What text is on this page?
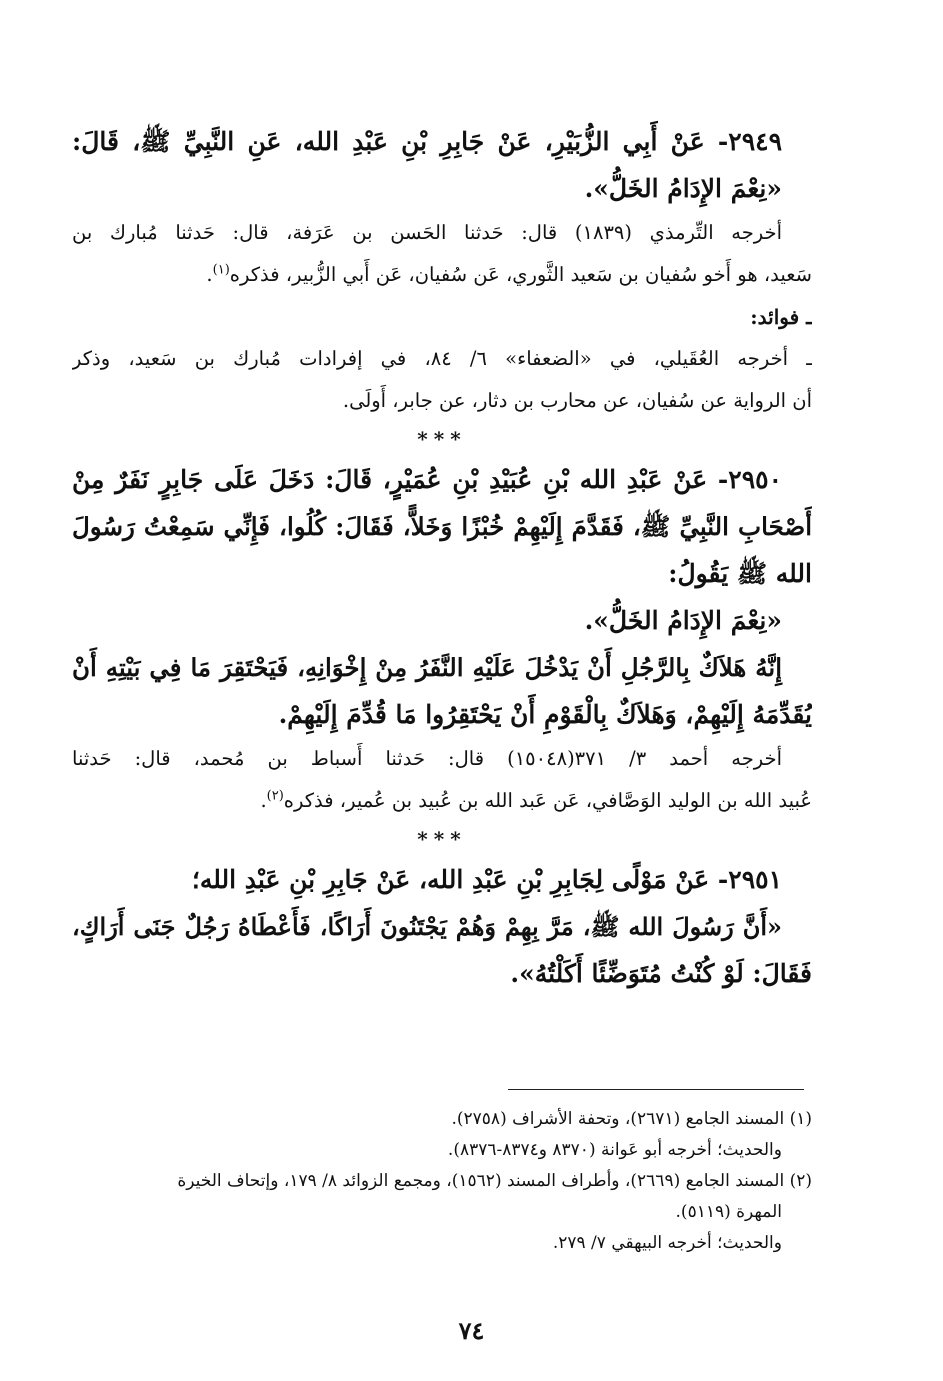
٢٩٤٩- عَنْ أَبِي الزُّبَيْرِ، عَنْ جَابِرِ بْنِ عَبْدِ الله، عَنِ النَّبِيِّ ﷺ، قَالَ:
«نِعْمَ الإِدَامُ الخَلُّ».
أخرجه التِّرمذي (١٨٣٩) قال: حَدثنا الحَسن بن عَرَفة، قال: حَدثنا مُبارك بن
سَعيد، هو أَخو سُفيان بن سَعيد الثَّوري، عَن سُفيان، عَن أَبي الزُّبير، فذكره$^{(١)}$.
ـ فوائد:
ـ أخرجه العُقَيلي، في «الضعفاء» ٦/ ٨٤، في إفرادات مُبارك بن سَعيد، وذكر
أن الرواية عن سُفيان، عن محارب بن دثار، عن جابر، أَولَى.
***
٢٩٥٠- عَنْ عَبْدِ الله بْنِ عُبَيْدِ بْنِ عُمَيْرٍ، قَالَ: دَخَلَ عَلَى جَابِرٍ نَفَرٌ مِنْ
أَصْحَابِ النَّبِيِّ ﷺ، فَقَدَّمَ إِلَيْهِمْ خُبْزًا وَخَلاًّ، فَقَالَ: كُلُوا، فَإِنِّي سَمِعْتُ رَسُولَ
الله ﷺ يَقُولُ:
«نِعْمَ الإِدَامُ الخَلُّ».
إِنَّهُ هَلاَكٌ بِالرَّجُلِ أَنْ يَدْخُلَ عَلَيْهِ النَّفَرُ مِنْ إِخْوَانِهِ، فَيَحْتَقِرَ مَا فِي بَيْتِهِ أَنْ
يُقَدِّمَهُ إِلَيْهِمْ، وَهَلاَكٌ بِالْقَوْمِ أَنْ يَحْتَقِرُوا مَا قُدِّمَ إِلَيْهِمْ.
أخرجه أحمد ٣/ ٣٧١(١٥٠٤٨) قال: حَدثنا أَسباط بن مُحمد، قال: حَدثنا
عُبيد الله بن الوليد الوَصَّافي، عَن عَبد الله بن عُبيد بن عُمير، فذكره$^{(٢)}$.
***
٢٩٥١- عَنْ مَوْلًى لِجَابِرِ بْنِ عَبْدِ الله، عَنْ جَابِرِ بْنِ عَبْدِ الله؛
«أَنَّ رَسُولَ الله ﷺ، مَرَّ بِهِمْ وَهُمْ يَجْتَنُونَ أَرَاكًا، فَأَعْطَاهُ رَجُلٌ جَنَى أَرَاكٍ،
فَقَالَ: لَوْ كُنْتُ مُتَوَضِّئًا أَكَلْتُهُ».
(١) المسند الجامع (٢٦٧١)، وتحفة الأشراف (٢٧٥٨).
والحديث؛ أخرجه أبو عَوانة (٨٣٧٠ و٨٣٧٤-٨٣٧٦).
(٢) المسند الجامع (٢٦٦٩)، وأطراف المسند (١٥٦٢)، ومجمع الزوائد ٨/ ١٧٩، وإتحاف الخيرة
المهرة (٥١١٩).
والحديث؛ أخرجه البيهقي ٧/ ٢٧٩.
٧٤
